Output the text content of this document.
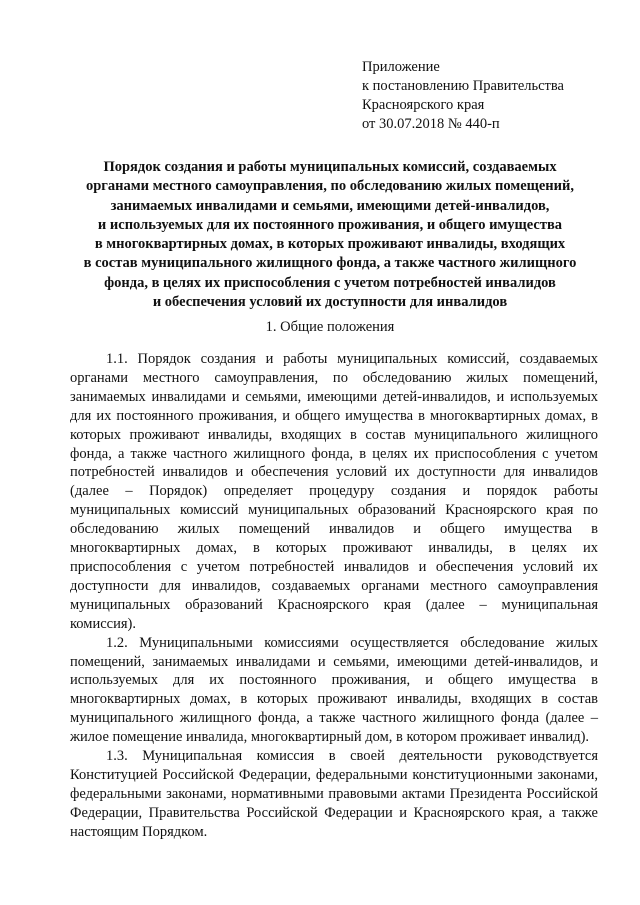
Приложение
к постановлению Правительства
Красноярского края
от 30.07.2018 № 440-п
Порядок создания и работы муниципальных комиссий, создаваемых
органами местного самоуправления, по обследованию жилых помещений,
занимаемых инвалидами и семьями, имеющими детей-инвалидов,
и используемых для их постоянного проживания, и общего имущества
в многоквартирных домах, в которых проживают инвалиды, входящих
в состав муниципального жилищного фонда, а также частного жилищного
фонда, в целях их приспособления с учетом потребностей инвалидов
и обеспечения условий их доступности для инвалидов
1. Общие положения

1.1. Порядок создания и работы муниципальных комиссий, создаваемых органами местного самоуправления, по обследованию жилых помещений, занимаемых инвалидами и семьями, имеющими детей-инвалидов, и используемых для их постоянного проживания, и общего имущества в многоквартирных домах, в которых проживают инвалиды, входящих в состав муниципального жилищного фонда, а также частного жилищного фонда, в целях их приспособления с учетом потребностей инвалидов и обеспечения условий их доступности для инвалидов (далее – Порядок) определяет процедуру создания и порядок работы муниципальных комиссий муниципальных образований Красноярского края по обследованию жилых помещений инвалидов и общего имущества в многоквартирных домах, в которых проживают инвалиды, в целях их приспособления с учетом потребностей инвалидов и обеспечения условий их доступности для инвалидов, создаваемых органами местного самоуправления муниципальных образований Красноярского края (далее – муниципальная комиссия).

1.2. Муниципальными комиссиями осуществляется обследование жилых помещений, занимаемых инвалидами и семьями, имеющими детей-инвалидов, и используемых для их постоянного проживания, и общего имущества в многоквартирных домах, в которых проживают инвалиды, входящих в состав муниципального жилищного фонда, а также частного жилищного фонда (далее – жилое помещение инвалида, многоквартирный дом, в котором проживает инвалид).

1.3. Муниципальная комиссия в своей деятельности руководствуется Конституцией Российской Федерации, федеральными конституционными законами, федеральными законами, нормативными правовыми актами Президента Российской Федерации, Правительства Российской Федерации и Красноярского края, а также настоящим Порядком.
